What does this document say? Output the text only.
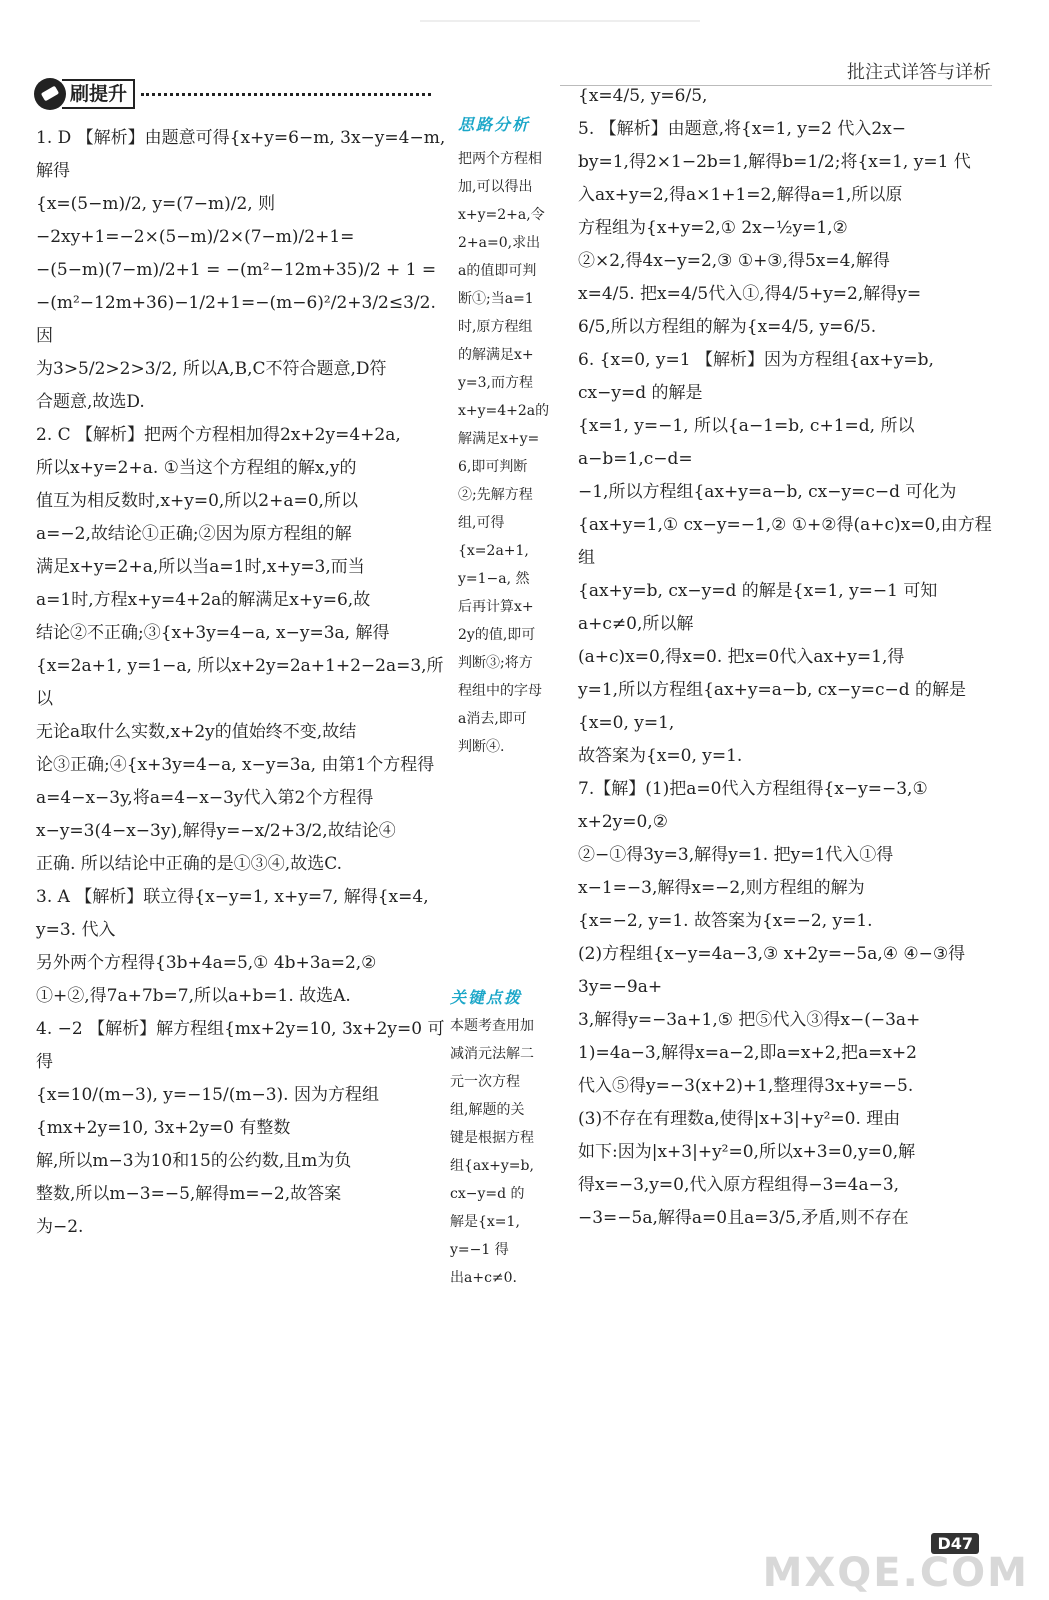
批注式详答与详析
刷提升

1. D 【解析】由题意可得{x+y=6−m, 3x−y=4−m, 解得

{x=(5−m)/2, y=(7−m)/2, 则−2xy+1=−2×(5−m)/2×(7−m)/2+1=

−(5−m)(7−m)/2+1 = −(m²−12m+35)/2 + 1 =

−(m²−12m+36)−1/2+1=−(m−6)²/2+3/2≤3/2. 因

为3>5/2>2>3/2, 所以A,B,C不符合题意,D符

合题意,故选D.

2. C 【解析】把两个方程相加得2x+2y=4+2a,

所以x+y=2+a. ①当这个方程组的解x,y的

值互为相反数时,x+y=0,所以2+a=0,所以

a=−2,故结论①正确;②因为原方程组的解

满足x+y=2+a,所以当a=1时,x+y=3,而当

a=1时,方程x+y=4+2a的解满足x+y=6,故

结论②不正确;③{x+3y=4−a, x−y=3a, 解得

{x=2a+1, y=1−a, 所以x+2y=2a+1+2−2a=3,所以

无论a取什么实数,x+2y的值始终不变,故结

论③正确;④{x+3y=4−a, x−y=3a, 由第1个方程得

a=4−x−3y,将a=4−x−3y代入第2个方程得

x−y=3(4−x−3y),解得y=−x/2+3/2,故结论④

正确. 所以结论中正确的是①③④,故选C.

3. A 【解析】联立得{x−y=1, x+y=7, 解得{x=4, y=3. 代入

另外两个方程得{3b+4a=5,① 4b+3a=2,②

①+②,得7a+7b=7,所以a+b=1. 故选A.

4. −2 【解析】解方程组{mx+2y=10, 3x+2y=0 可得

{x=10/(m−3), y=−15/(m−3). 因为方程组{mx+2y=10, 3x+2y=0 有整数

解,所以m−3为10和15的公约数,且m为负

整数,所以m−3=−5,解得m=−2,故答案

为−2.

思路分析

把两个方程相
加,可以得出
x+y=2+a,令
2+a=0,求出
a的值即可判
断①;当a=1
时,原方程组
的解满足x+
y=3,而方程
x+y=4+2a的
解满足x+y=
6,即可判断
②;先解方程
组,可得
{x=2a+1,
y=1−a, 然
后再计算x+
2y的值,即可
判断③;将方
程组中的字母
a消去,即可
判断④.

关键点拨

本题考查用加
减消元法解二
元一次方程
组,解题的关
键是根据方程
组{ax+y=b, cx−y=d 的
解是{x=1, y=−1 得
出a+c≠0.

{x=4/5, y=6/5,

5. 【解析】由题意,将{x=1, y=2 代入2x−

by=1,得2×1−2b=1,解得b=1/2;将{x=1, y=1 代

入ax+y=2,得a×1+1=2,解得a=1,所以原

方程组为{x+y=2,① 2x−½y=1,②

②×2,得4x−y=2,③ ①+③,得5x=4,解得

x=4/5. 把x=4/5代入①,得4/5+y=2,解得y=

6/5,所以方程组的解为{x=4/5, y=6/5.

6. {x=0, y=1 【解析】因为方程组{ax+y=b, cx−y=d 的解是

{x=1, y=−1, 所以{a−1=b, c+1=d, 所以a−b=1,c−d=

−1,所以方程组{ax+y=a−b, cx−y=c−d 可化为

{ax+y=1,① cx−y=−1,② ①+②得(a+c)x=0,由方程组

{ax+y=b, cx−y=d 的解是{x=1, y=−1 可知a+c≠0,所以解

(a+c)x=0,得x=0. 把x=0代入ax+y=1,得

y=1,所以方程组{ax+y=a−b, cx−y=c−d 的解是{x=0, y=1,

故答案为{x=0, y=1.

7.【解】(1)把a=0代入方程组得{x−y=−3,① x+2y=0,②

②−①得3y=3,解得y=1. 把y=1代入①得

x−1=−3,解得x=−2,则方程组的解为

{x=−2, y=1. 故答案为{x=−2, y=1.

(2)方程组{x−y=4a−3,③ x+2y=−5a,④ ④−③得3y=−9a+

3,解得y=−3a+1,⑤ 把⑤代入③得x−(−3a+

1)=4a−3,解得x=a−2,即a=x+2,把a=x+2

代入⑤得y=−3(x+2)+1,整理得3x+y=−5.

(3)不存在有理数a,使得|x+3|+y²=0. 理由

如下:因为|x+3|+y²=0,所以x+3=0,y=0,解

得x=−3,y=0,代入原方程组得−3=4a−3,

−3=−5a,解得a=0且a=3/5,矛盾,则不存在

D47
MXQE.COM
